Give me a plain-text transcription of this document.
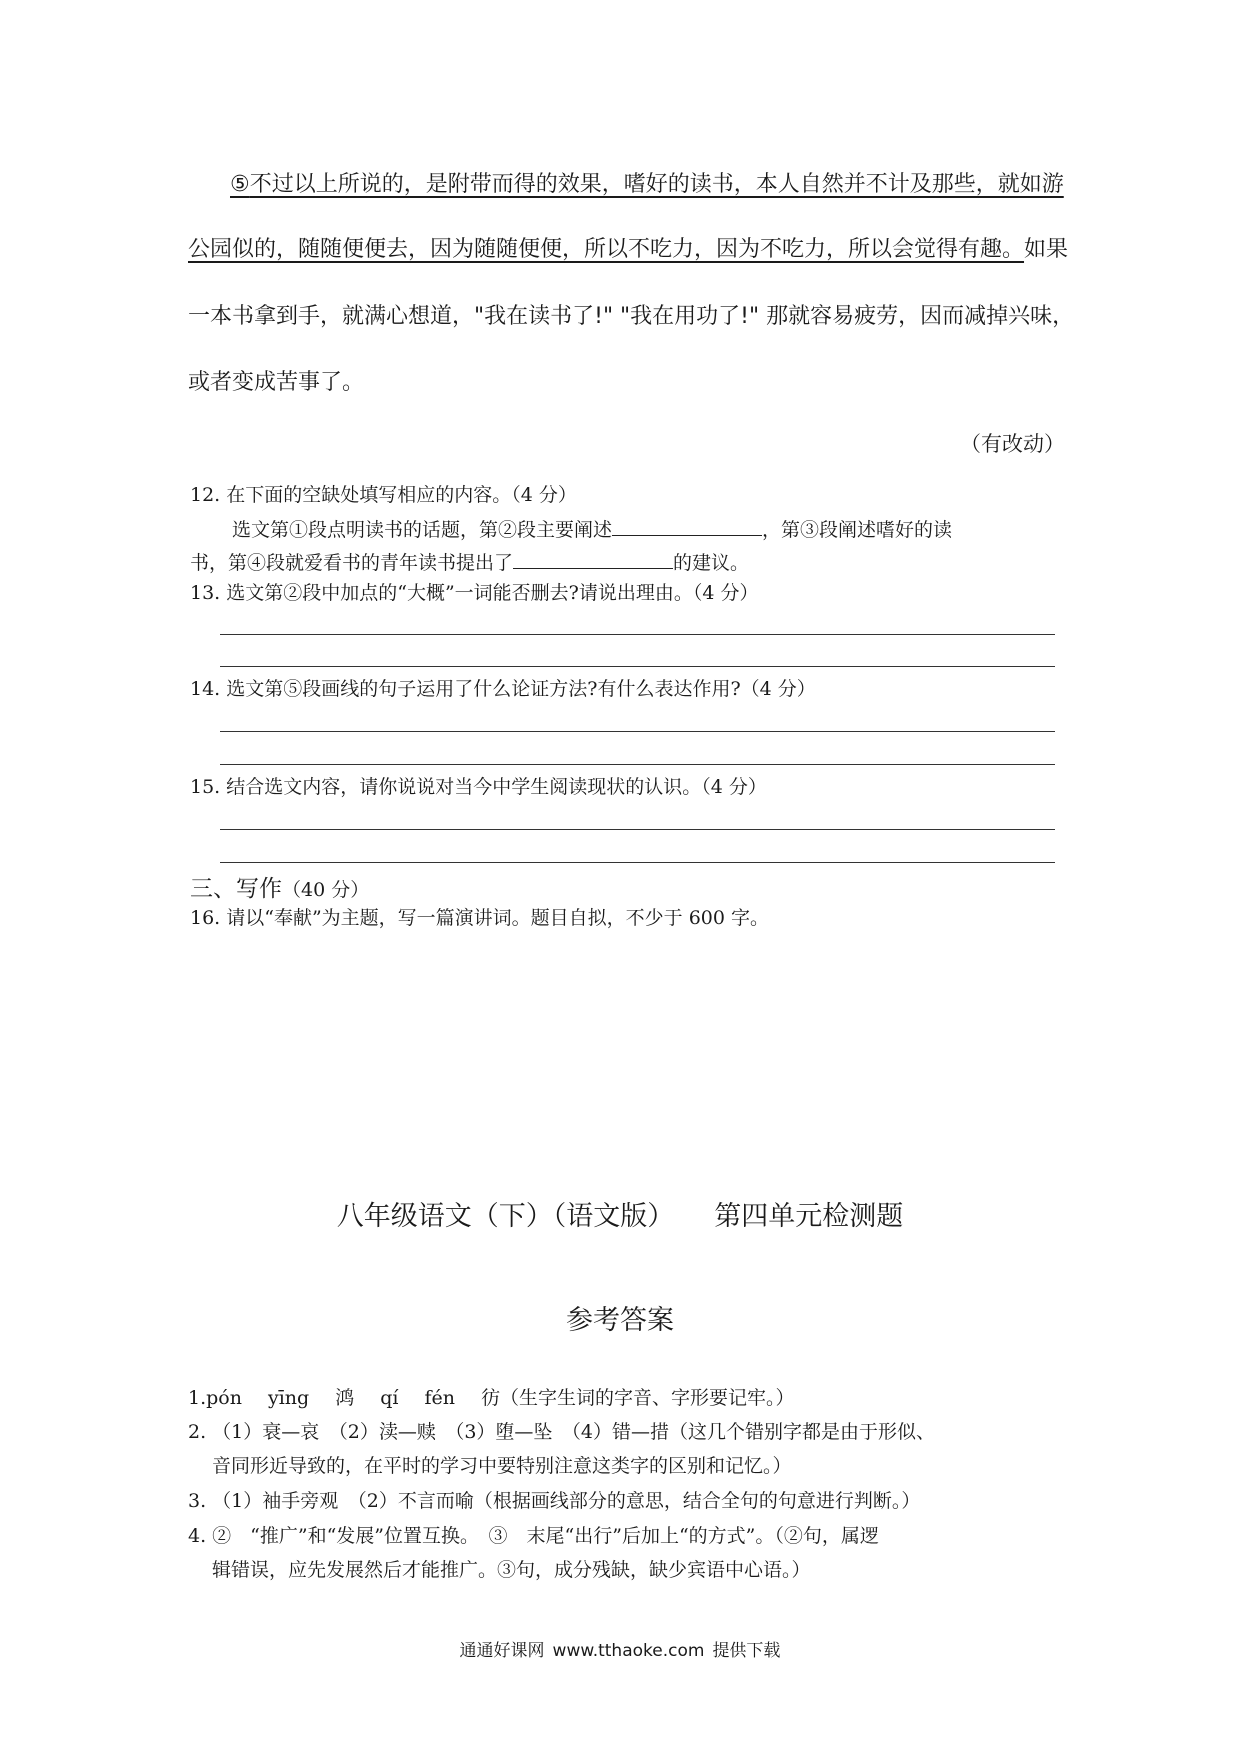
⑤不过以上所说的，是附带而得的效果，嗜好的读书，本人自然并不计及那些，就如游
公园似的，随随便便去，因为随随便便，所以不吃力，因为不吃力，所以会觉得有趣。如果
一本书拿到手，就满心想道，"我在读书了!" "我在用功了!" 那就容易疲劳，因而减掉兴味，
或者变成苦事了。
（有改动）
12. 在下面的空缺处填写相应的内容。（4 分）
选文第①段点明读书的话题，第②段主要阐述	，第③段阐述嗜好的读
书，第④段就爱看书的青年读书提出了	的建议。
13. 选文第②段中加点的“大概”一词能否删去?请说出理由。（4 分）
14. 选文第⑤段画线的句子运用了什么论证方法?有什么表达作用?（4 分）
15. 结合选文内容，请你说说对当今中学生阅读现状的认识。（4 分）
三、写作（40 分）
16. 请以“奉献”为主题，写一篇演讲词。题目自拟，不少于 600 字。
八年级语文（下）（语文版） 第四单元检测题
参考答案
1.pón yīng 鸿 qí fén 彷（生字生词的字音、字形要记牢。）
2. （1）衰—哀　（2）渎—赎　（3）堕—坠　（4）错—措（这几个错别字都是由于形似、
音同形近导致的，在平时的学习中要特别注意这类字的区别和记忆。）
3. （1）袖手旁观　（2）不言而喻（根据画线部分的意思，结合全句的句意进行判断。）
4. ②　“推广”和“发展”位置互换。　③　末尾“出行”后加上“的方式”。（②句，属逻
辑错误，应先发展然后才能推广。③句，成分残缺，缺少宾语中心语。）
通通好课网 www.tthaoke.com 提供下载
